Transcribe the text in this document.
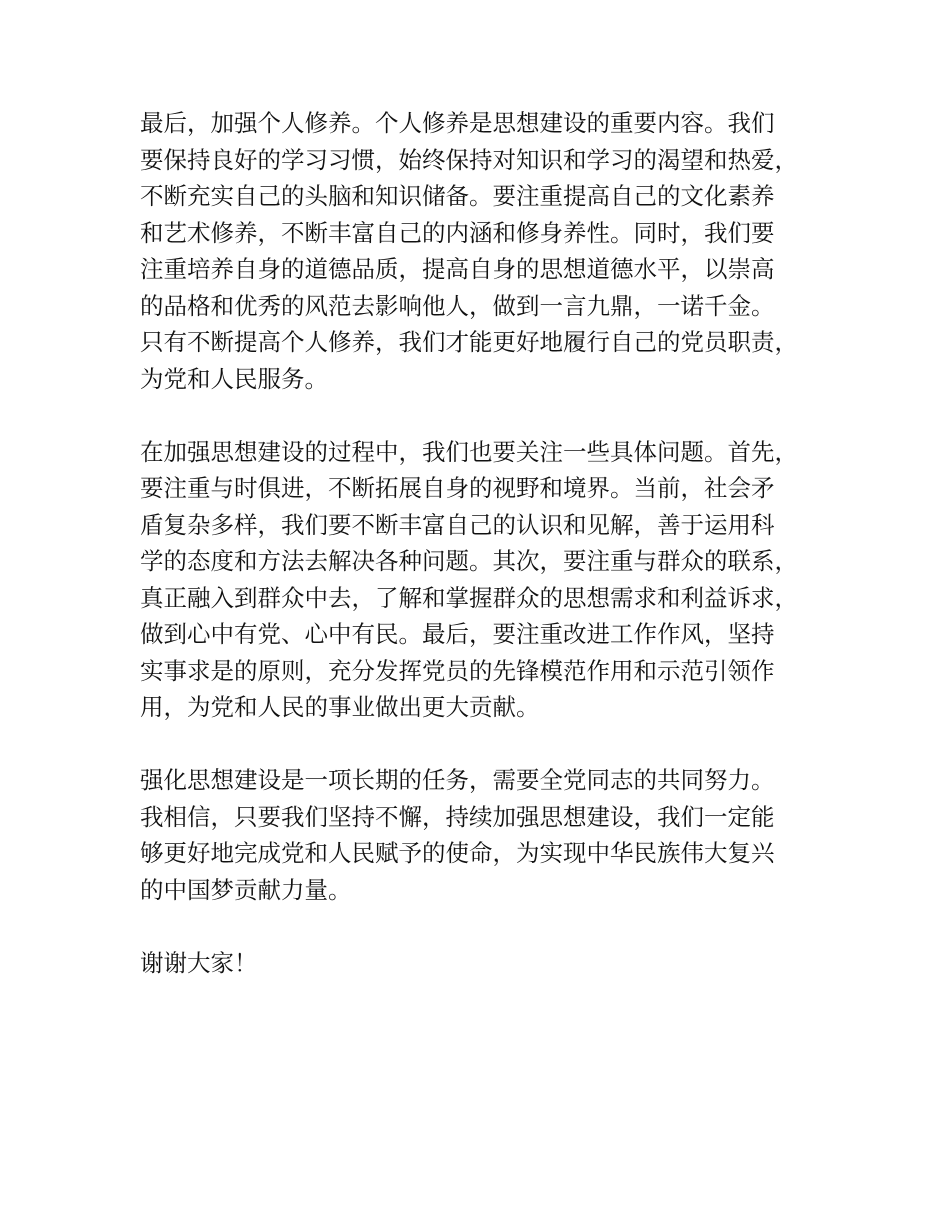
最后，加强个人修养。个人修养是思想建设的重要内容。我们
要保持良好的学习习惯，始终保持对知识和学习的渴望和热爱，
不断充实自己的头脑和知识储备。要注重提高自己的文化素养
和艺术修养，不断丰富自己的内涵和修身养性。同时，我们要
注重培养自身的道德品质，提高自身的思想道德水平，以崇高
的品格和优秀的风范去影响他人，做到一言九鼎，一诺千金。
只有不断提高个人修养，我们才能更好地履行自己的党员职责，
为党和人民服务。
在加强思想建设的过程中，我们也要关注一些具体问题。首先，
要注重与时俱进，不断拓展自身的视野和境界。当前，社会矛
盾复杂多样，我们要不断丰富自己的认识和见解，善于运用科
学的态度和方法去解决各种问题。其次，要注重与群众的联系，
真正融入到群众中去，了解和掌握群众的思想需求和利益诉求，
做到心中有党、心中有民。最后，要注重改进工作作风，坚持
实事求是的原则，充分发挥党员的先锋模范作用和示范引领作
用，为党和人民的事业做出更大贡献。
强化思想建设是一项长期的任务，需要全党同志的共同努力。
我相信，只要我们坚持不懈，持续加强思想建设，我们一定能
够更好地完成党和人民赋予的使命，为实现中华民族伟大复兴
的中国梦贡献力量。
谢谢大家！
